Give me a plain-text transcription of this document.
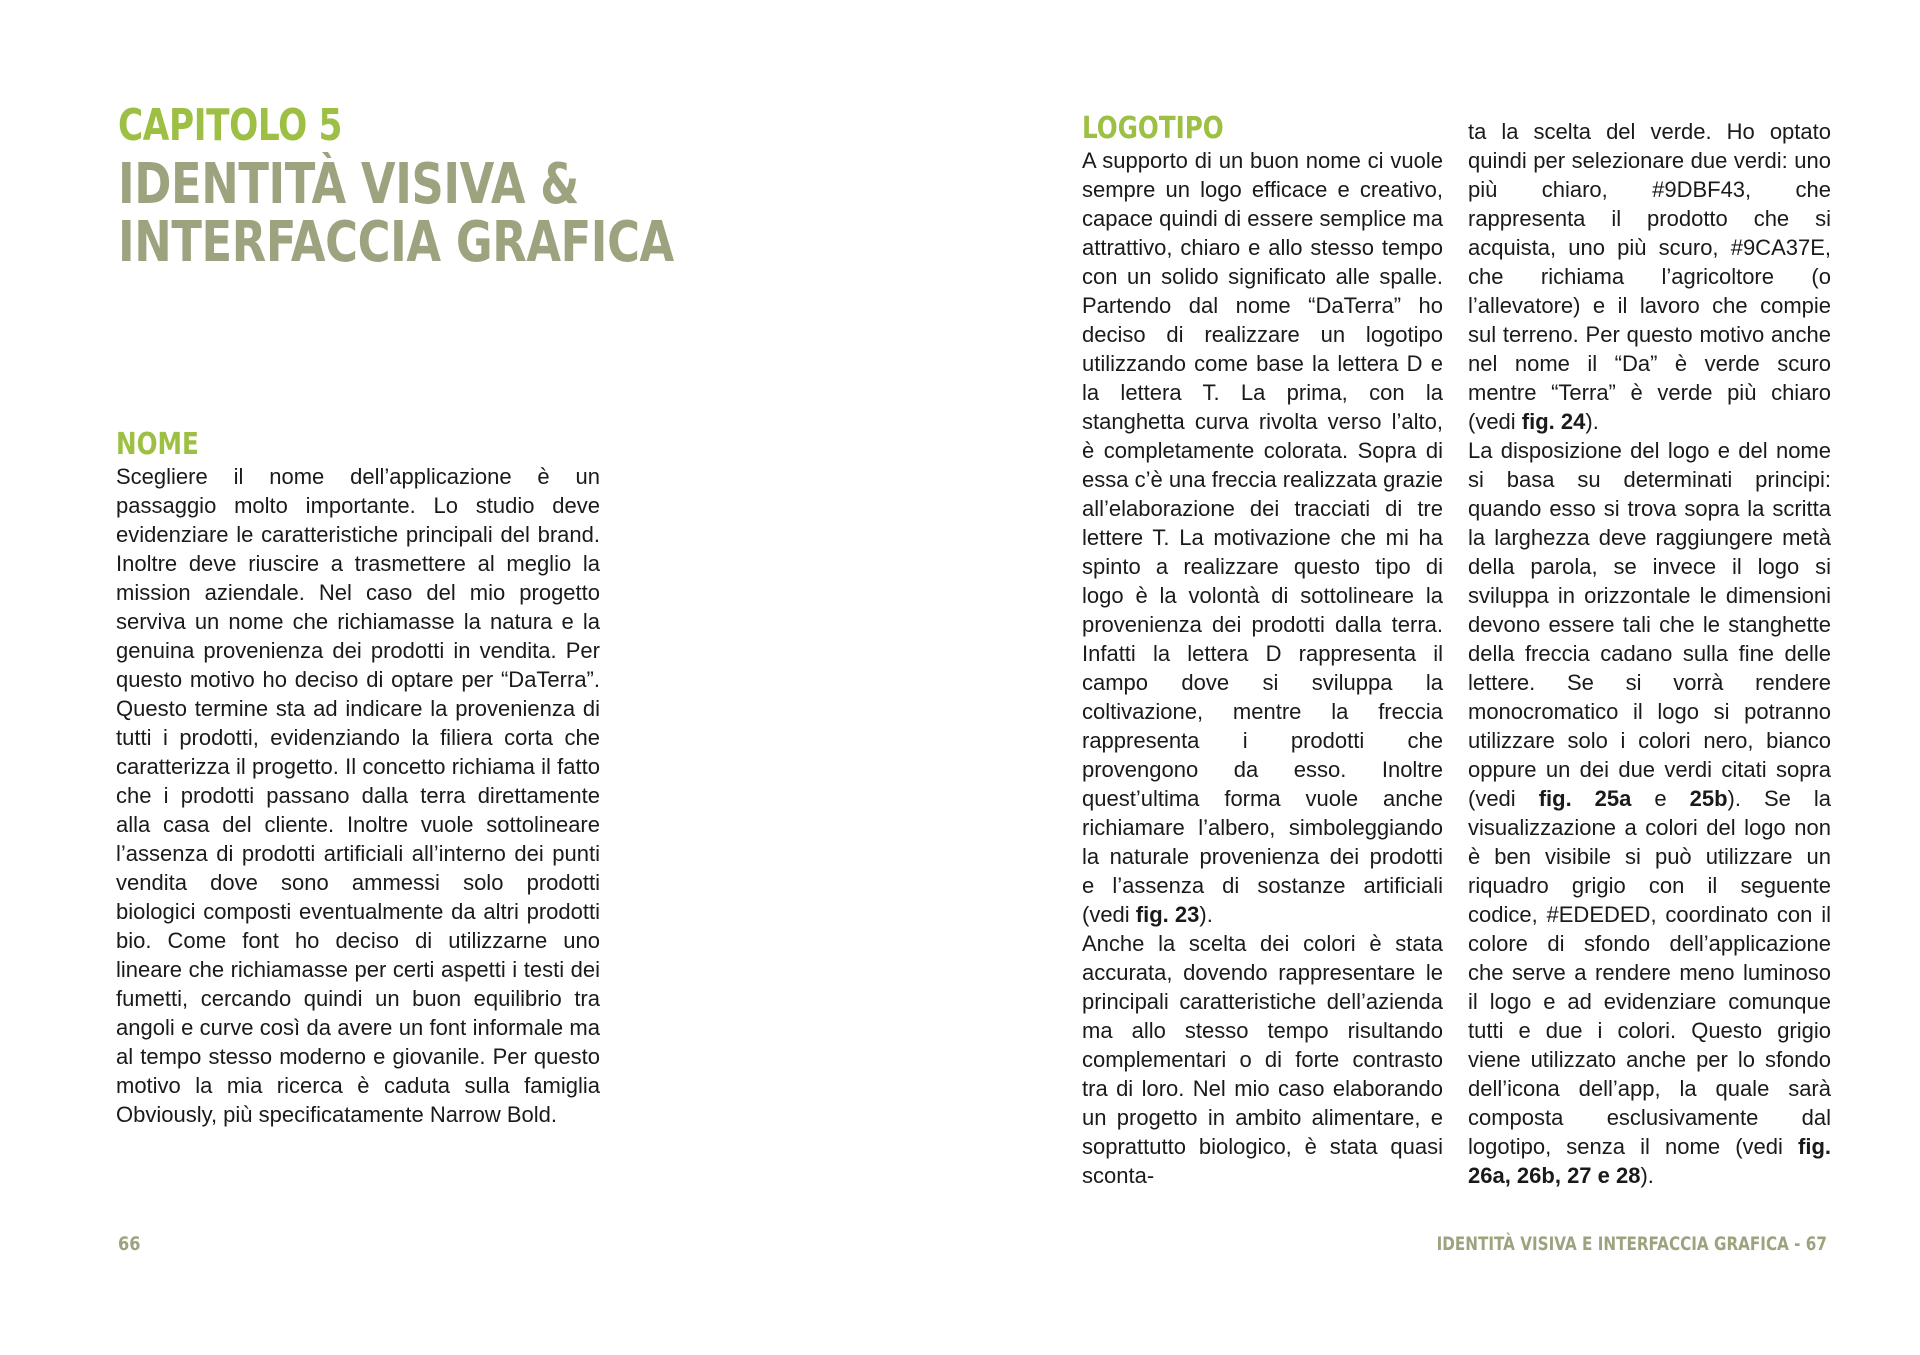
CAPITOLO 5
IDENTITÀ VISIVA &
INTERFACCIA GRAFICA
NOME

Scegliere il nome dell’applicazione è un passaggio molto importante. Lo studio deve evidenziare le caratteristiche principali del brand. Inoltre deve riuscire a trasmettere al meglio la mission aziendale. Nel caso del mio progetto serviva un nome che richiamasse la natura e la genuina provenienza dei prodotti in vendita. Per questo motivo ho deciso di optare per “DaTerra”. Questo termine sta ad indicare la provenienza di tutti i prodotti, evidenziando la filiera corta che caratterizza il progetto. Il concetto richiama il fatto che i prodotti passano dalla terra direttamente alla casa del cliente. Inoltre vuole sottolineare l’assenza di prodotti artificiali all’interno dei punti vendita dove sono ammessi solo prodotti biologici composti eventualmente da altri prodotti bio. Come font ho deciso di utilizzarne uno lineare che richiamasse per certi aspetti i testi dei fumetti, cercando quindi un buon equilibrio tra angoli e curve così da avere un font informale ma al tempo stesso moderno e giovanile. Per questo motivo la mia ricerca è caduta sulla famiglia Obviously, più specificatamente Narrow Bold.

66
LOGOTIPO

A supporto di un buon nome ci vuole sempre un logo efficace e creativo, capace quindi di essere semplice ma attrattivo, chiaro e allo stesso tempo con un solido significato alle spalle. Partendo dal nome “DaTerra” ho deciso di realizzare un logotipo utilizzando come base la lettera D e la lettera T. La prima, con la stanghetta curva rivolta verso l’alto, è completamente colorata. Sopra di essa c’è una freccia realizzata grazie all’elaborazione dei tracciati di tre lettere T. La motivazione che mi ha spinto a realizzare questo tipo di logo è la volontà di sottolineare la provenienza dei prodotti dalla terra. Infatti la lettera D rappresenta il campo dove si sviluppa la coltivazione, mentre la freccia rappresenta i prodotti che provengono da esso. Inoltre quest’ultima forma vuole anche richiamare l’albero, simboleggiando la naturale provenienza dei prodotti e l’assenza di sostanze artificiali (vedi fig. 23).

Anche la scelta dei colori è stata accurata, dovendo rappresentare le principali caratteristiche dell’azienda ma allo stesso tempo risultando complementari o di forte contrasto tra di loro. Nel mio caso elaborando un progetto in ambito alimentare, e soprattutto biologico, è stata quasi sconta-

ta la scelta del verde. Ho optato quindi per selezionare due verdi: uno più chiaro, #9DBF43, che rappresenta il prodotto che si acquista, uno più scuro, #9CA37E, che richiama l’agricoltore (o l’allevatore) e il lavoro che compie sul terreno. Per questo motivo anche nel nome il “Da” è verde scuro mentre “Terra” è verde più chiaro (vedi fig. 24).

La disposizione del logo e del nome si basa su determinati principi: quando esso si trova sopra la scritta la larghezza deve raggiungere metà della parola, se invece il logo si sviluppa in orizzontale le dimensioni devono essere tali che le stanghette della freccia cadano sulla fine delle lettere. Se si vorrà rendere monocromatico il logo si potranno utilizzare solo i colori nero, bianco oppure un dei due verdi citati sopra (vedi fig. 25a e 25b). Se la visualizzazione a colori del logo non è ben visibile si può utilizzare un riquadro grigio con il seguente codice, #EDEDED, coordinato con il colore di sfondo dell’applicazione che serve a rendere meno luminoso il logo e ad evidenziare comunque tutti e due i colori. Questo grigio viene utilizzato anche per lo sfondo dell’icona dell’app, la quale sarà composta esclusivamente dal logotipo, senza il nome (vedi fig. 26a, 26b, 27 e 28).

IDENTITÀ VISIVA E INTERFACCIA GRAFICA - 67
